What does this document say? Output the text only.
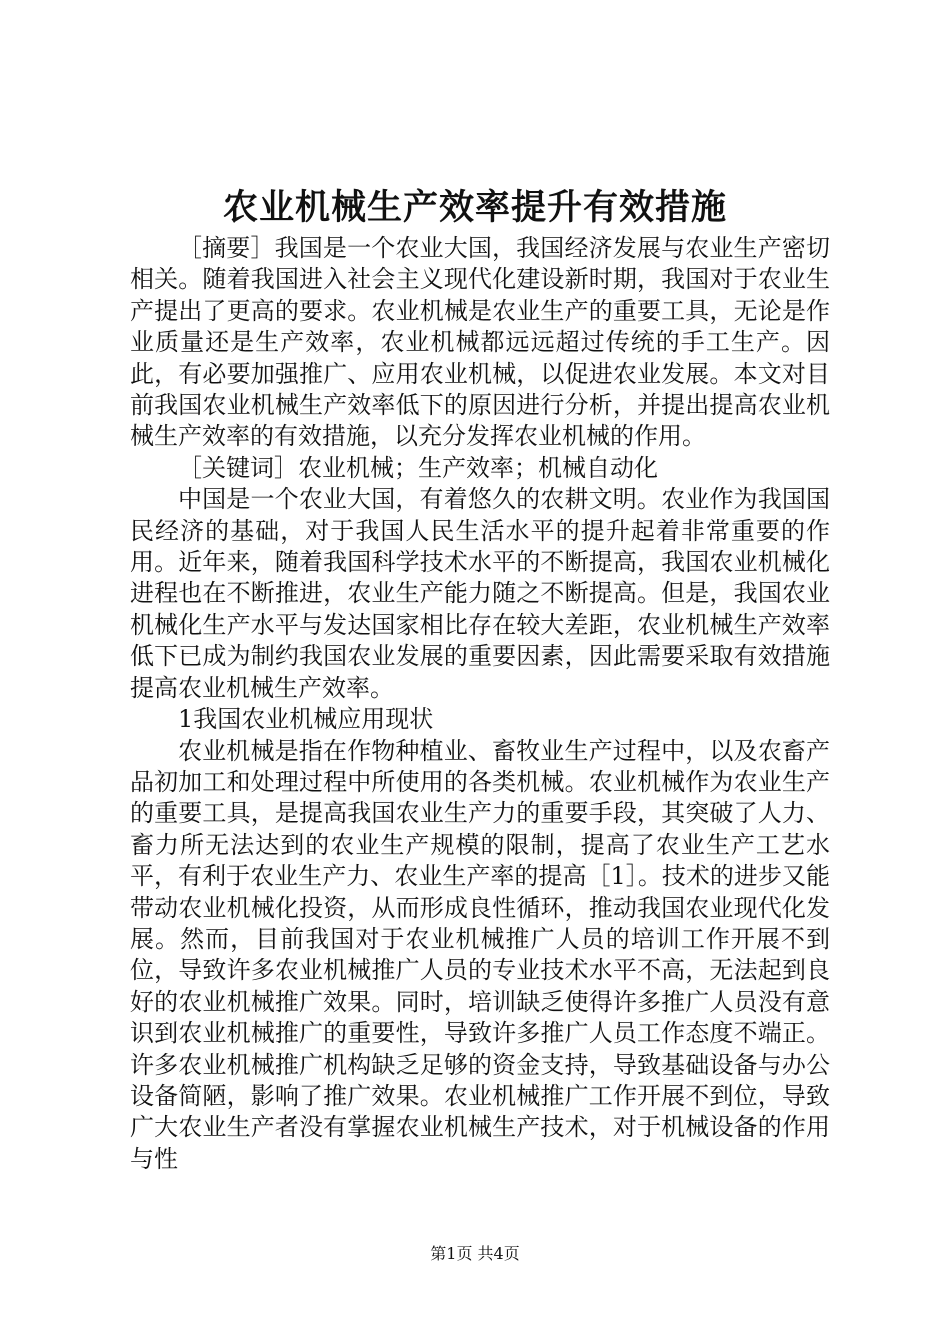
农业机械生产效率提升有效措施

［摘要］我国是一个农业大国，我国经济发展与农业生产密切相关。随着我国进入社会主义现代化建设新时期，我国对于农业生产提出了更高的要求。农业机械是农业生产的重要工具，无论是作业质量还是生产效率，农业机械都远远超过传统的手工生产。因此，有必要加强推广、应用农业机械，以促进农业发展。本文对目前我国农业机械生产效率低下的原因进行分析，并提出提高农业机械生产效率的有效措施，以充分发挥农业机械的作用。

［关键词］农业机械；生产效率；机械自动化

中国是一个农业大国，有着悠久的农耕文明。农业作为我国国民经济的基础，对于我国人民生活水平的提升起着非常重要的作用。近年来，随着我国科学技术水平的不断提高，我国农业机械化进程也在不断推进，农业生产能力随之不断提高。但是，我国农业机械化生产水平与发达国家相比存在较大差距，农业机械生产效率低下已成为制约我国农业发展的重要因素，因此需要采取有效措施提高农业机械生产效率。

1我国农业机械应用现状

农业机械是指在作物种植业、畜牧业生产过程中，以及农畜产品初加工和处理过程中所使用的各类机械。农业机械作为农业生产的重要工具，是提高我国农业生产力的重要手段，其突破了人力、畜力所无法达到的农业生产规模的限制，提高了农业生产工艺水平，有利于农业生产力、农业生产率的提高［1］。技术的进步又能带动农业机械化投资，从而形成良性循环，推动我国农业现代化发展。然而，目前我国对于农业机械推广人员的培训工作开展不到位，导致许多农业机械推广人员的专业技术水平不高，无法起到良好的农业机械推广效果。同时，培训缺乏使得许多推广人员没有意识到农业机械推广的重要性，导致许多推广人员工作态度不端正。许多农业机械推广机构缺乏足够的资金支持，导致基础设备与办公设备简陋，影响了推广效果。农业机械推广工作开展不到位，导致广大农业生产者没有掌握农业机械生产技术，对于机械设备的作用与性

第1页 共4页
